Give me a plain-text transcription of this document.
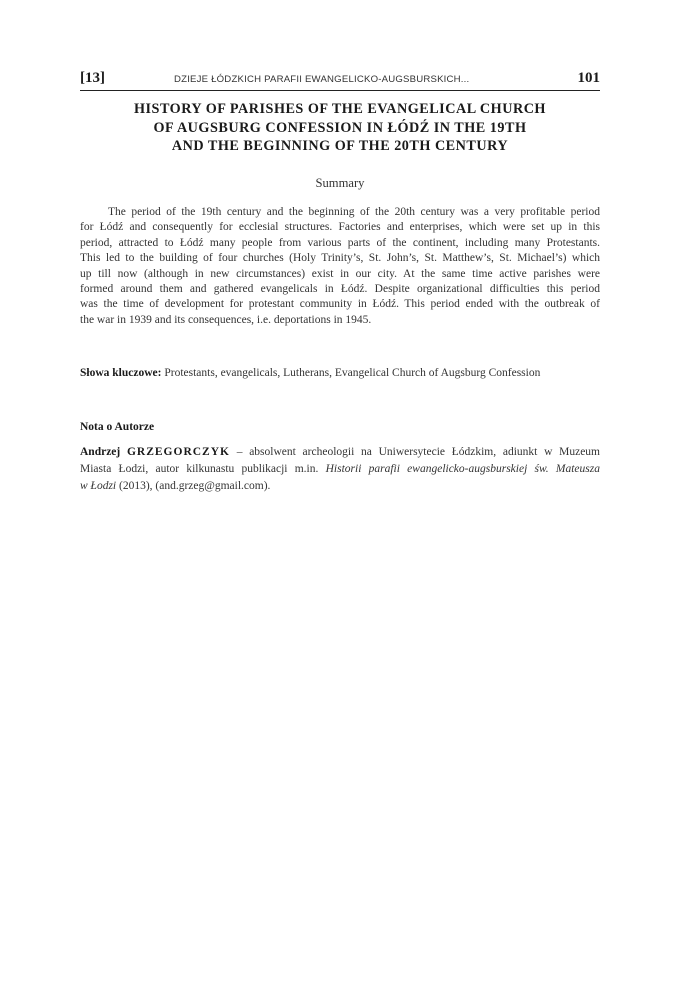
[13]	DZIEJE ŁÓDZKICH PARAFII EWANGELICKO-AUGSBURSKICH...	101
HISTORY OF PARISHES OF THE EVANGELICAL CHURCH
OF AUGSBURG CONFESSION IN ŁÓDŹ IN THE 19TH
AND THE BEGINNING OF THE 20TH CENTURY
Summary
The period of the 19th century and the beginning of the 20th century was a very profitable period
for Łódź and consequently for ecclesial structures. Factories and enterprises, which were set up in this
period, attracted to Łódź many people from various parts of the continent, including many Protestants.
This led to the building of four churches (Holy Trinity’s, St. John’s, St. Matthew’s, St. Michael’s) which
up till now (although in new circumstances) exist in our city. At the same time active parishes were
formed around them and gathered evangelicals in Łódź. Despite organizational difficulties this period
was the time of development for protestant community in Łódź. This period ended with the outbreak of
the war in 1939 and its consequences, i.e. deportations in 1945.
Słowa kluczowe: Protestants, evangelicals, Lutherans, Evangelical Church of Augsburg Confession
Nota o Autorze
Andrzej GRZEGORCZYK – absolwent archeologii na Uniwersytecie Łódzkim, adiunkt w Muzeum
Miasta Łodzi, autor kilkunastu publikacji m.in. Historii parafii ewangelicko-augsburskiej św. Mateusza
w Łodzi (2013), (and.grzeg@gmail.com).
